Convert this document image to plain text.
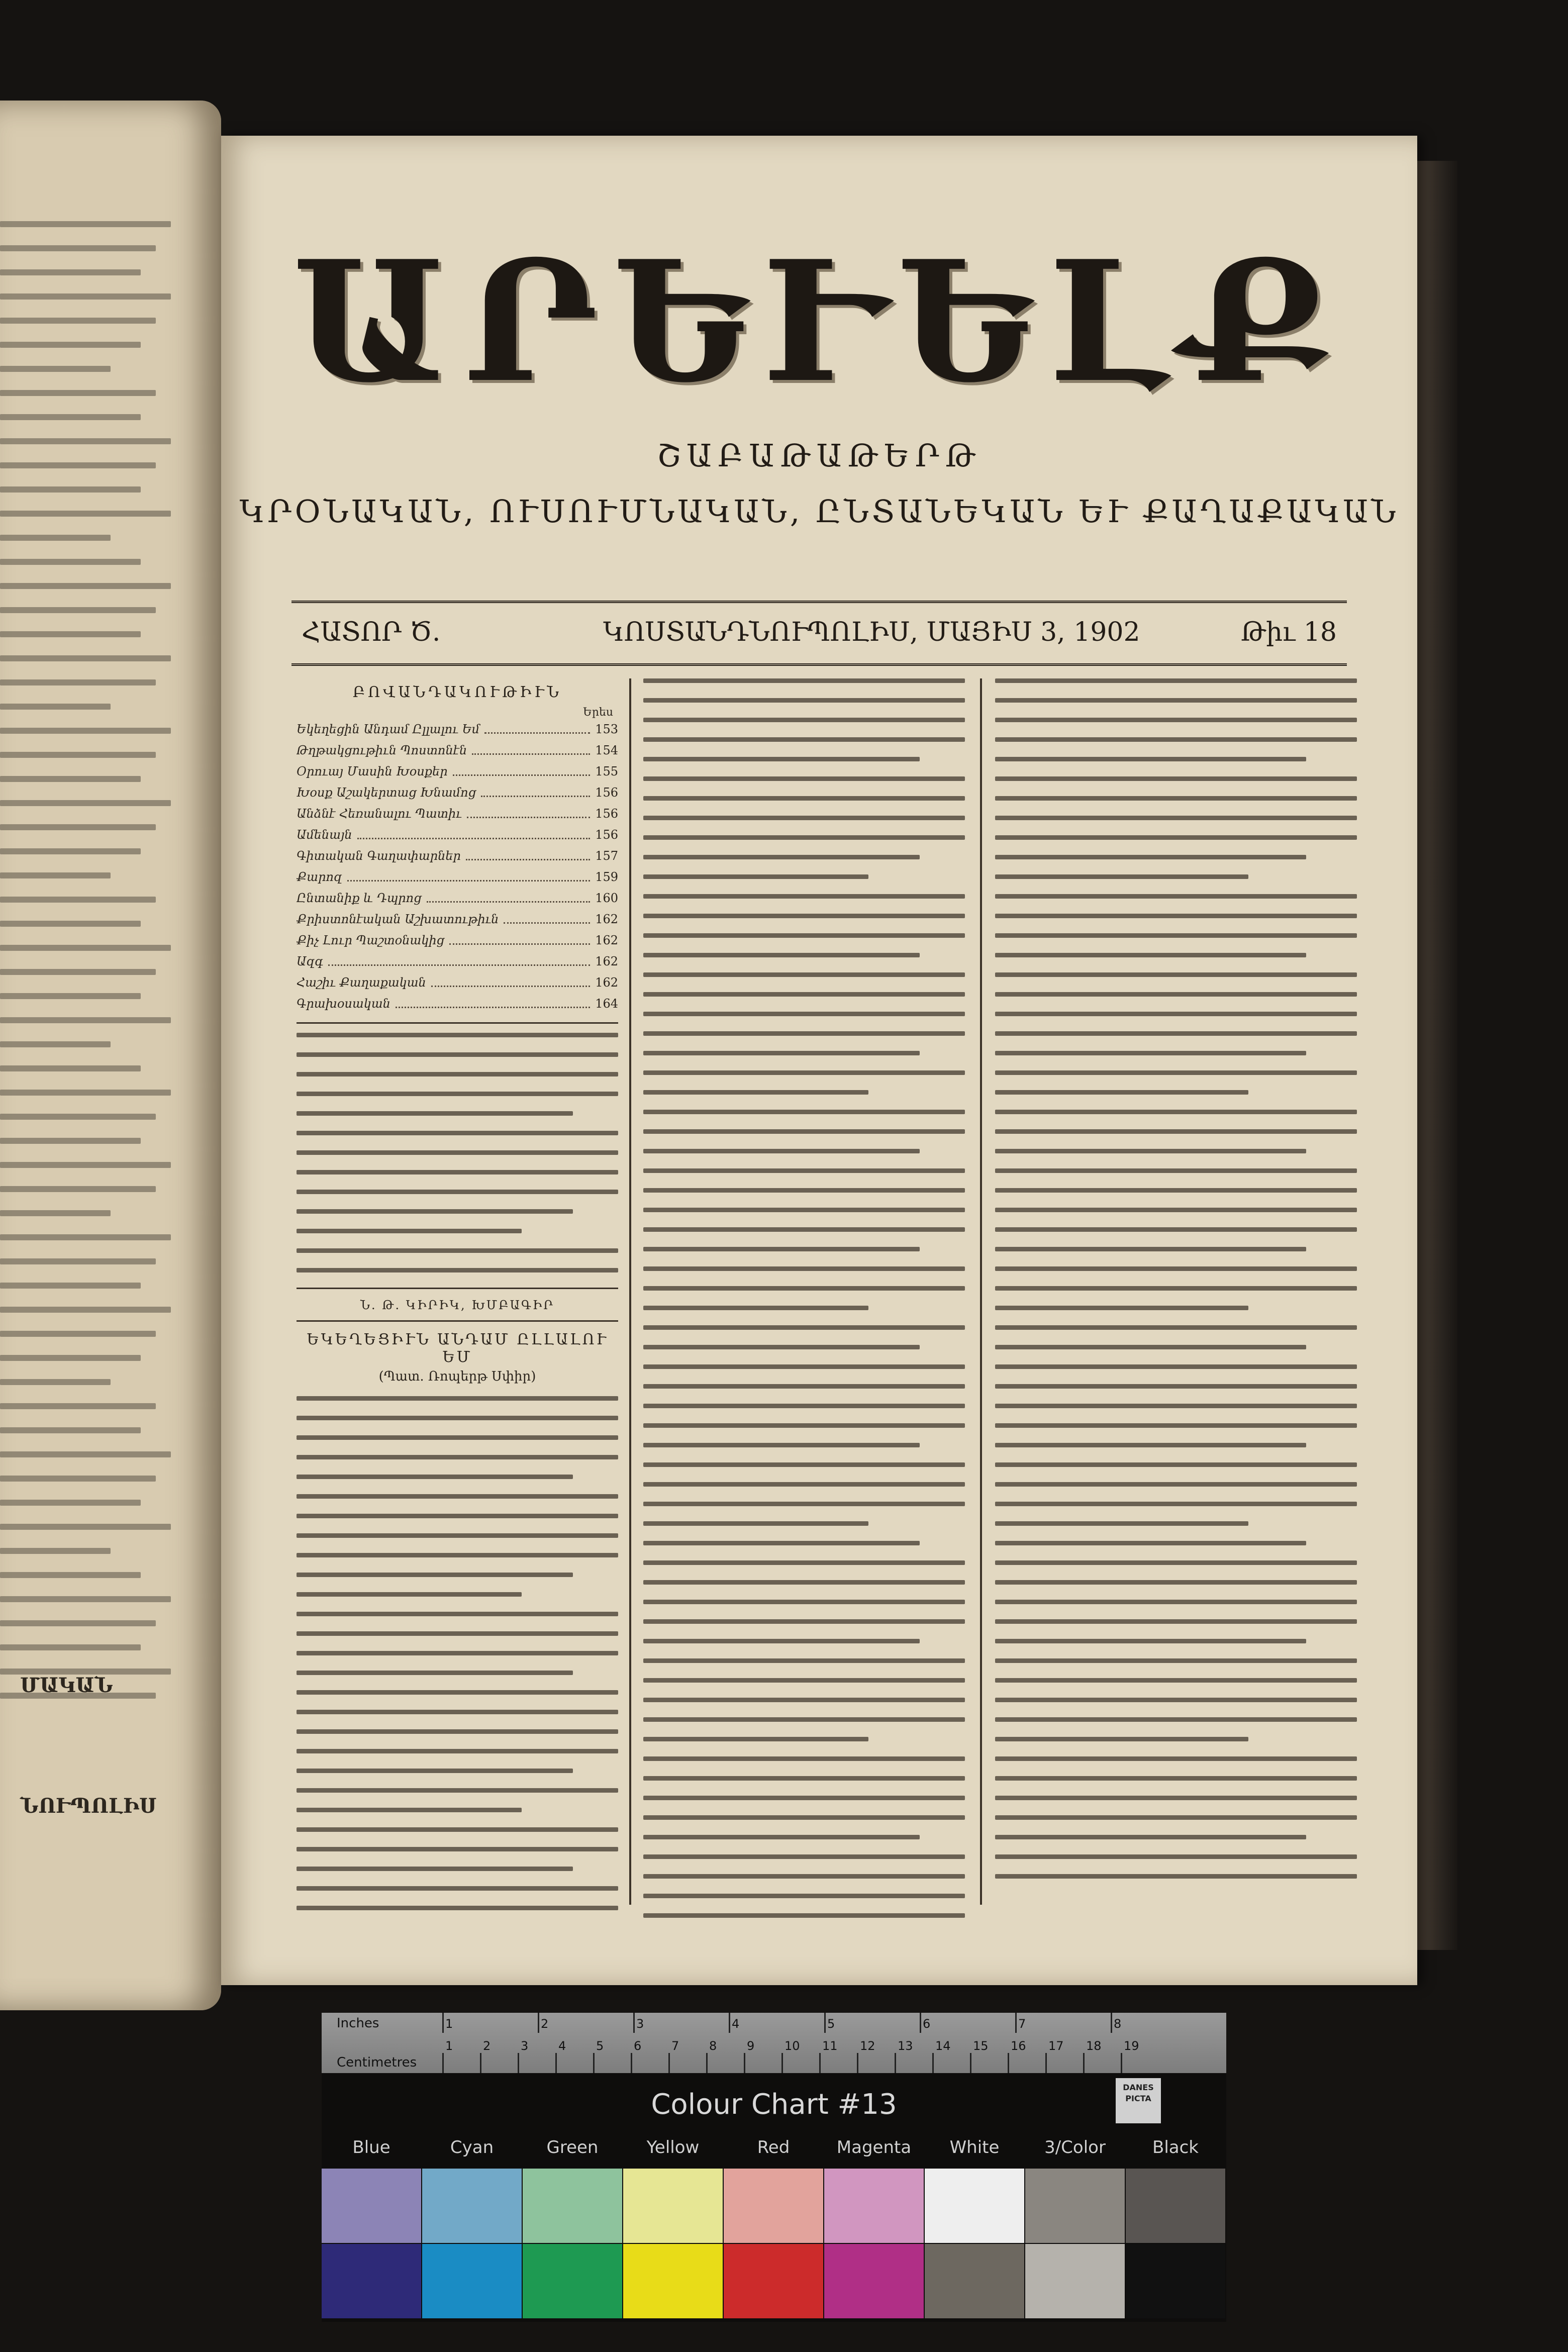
ՄԱԿԱՆ
ՆՈՒՊՈԼԻՍ
ԱՐԵՒԵԼՔ
ՇԱԲԱԹԱԹԵՐԹ
ԿՐՕՆԱԿԱՆ, ՈՒՍՈՒՄՆԱԿԱՆ, ԸՆՏԱՆԵԿԱՆ ԵՒ ՔԱՂԱՔԱԿԱՆ
ՀԱՏՈՐ Ծ.	ԿՈՍՏԱՆԴՆՈՒՊՈԼԻՍ, ՄԱՅԻՍ 3, 1902	Թիւ 18
ԲՈՎԱՆԴԱԿՈՒԹԻՒՆ
Երես
Եկեղեցին Անդամ Ըլլալու Եմ	153
Թղթակցութիւն Պոստոնէն	154
Օրուայ Մասին Խօսքեր	155
Խօսք Աշակերտաց Խնամոց	156
Անձնէ Հեռանալու Պատիւ	156
Ամենայն	156
Գիտական Գաղափարներ	157
Քարոզ	159
Ընտանիք և Դպրոց	160
Քրիստոնէական Աշխատութիւն	162
Քիչ Լուր Պաշտօնակից	162
Ազգ	162
Հաշիւ Քաղաքական	162
Գրախօսական	164
Ն. Թ. ԿԻՐԻԿ, ԽՄԲԱԳԻՐ
ԵԿԵՂԵՑԻՒՆ ԱՆԴԱՄ ԸԼԼԱԼՈՒ ԵՄ
(Պատ. Ռոպերթ Սփիր)
Inches
Centimetres
1	2	3	4	5	6	7	8
1 2 3 4 5 6 7 8 9 10 11 12 13 14 15 16 17 18 19
Colour Chart #13
DANES PICTA
Blue	Cyan	Green	Yellow	Red	Magenta	White	3/Color	Black
